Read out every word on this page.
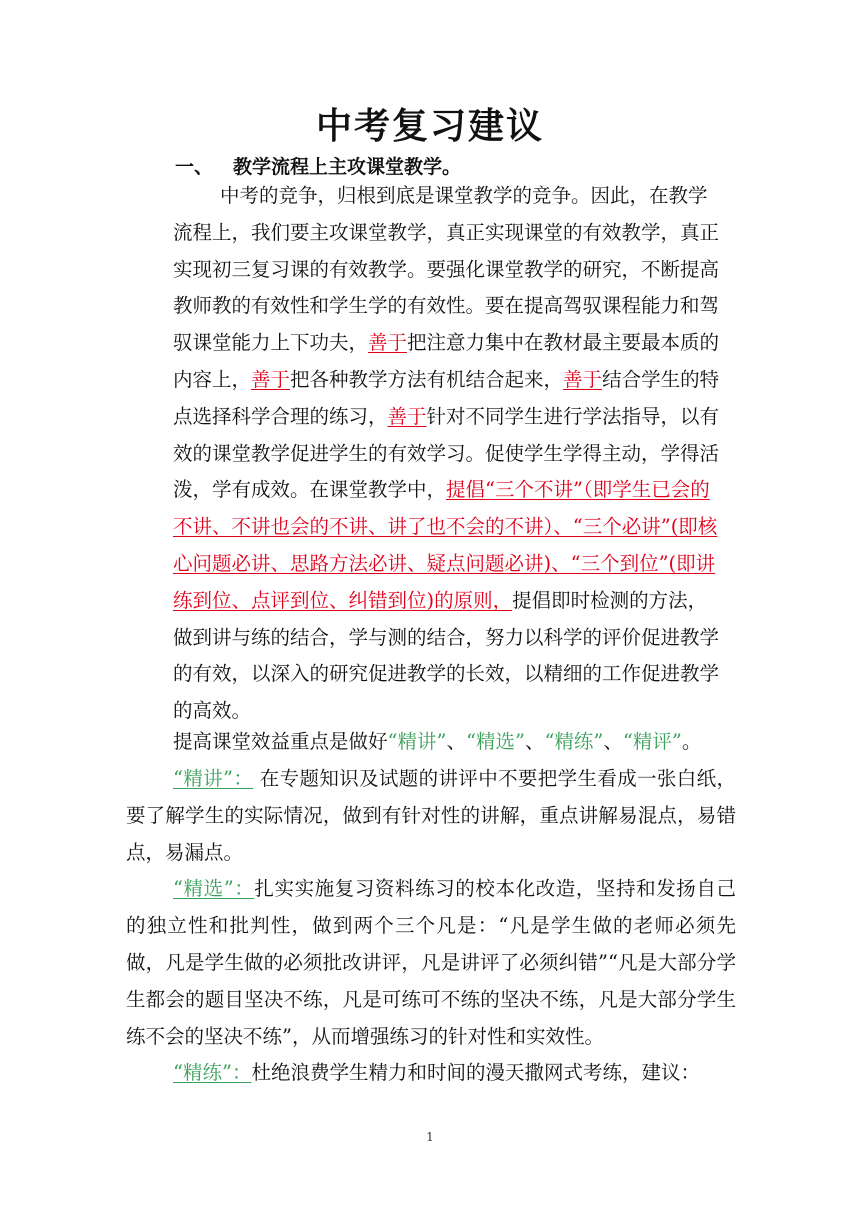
中考复习建议
一、 教学流程上主攻课堂教学。
中考的竞争，归根到底是课堂教学的竞争。因此，在教学
流程上，我们要主攻课堂教学，真正实现课堂的有效教学，真正
实现初三复习课的有效教学。要强化课堂教学的研究，不断提高
教师教的有效性和学生学的有效性。要在提高驾驭课程能力和驾
驭课堂能力上下功夫，善于把注意力集中在教材最主要最本质的
内容上，善于把各种教学方法有机结合起来，善于结合学生的特
点选择科学合理的练习，善于针对不同学生进行学法指导，以有
效的课堂教学促进学生的有效学习。促使学生学得主动，学得活
泼，学有成效。在课堂教学中，提倡“三个不讲”（即学生已会的
不讲、不讲也会的不讲、讲了也不会的不讲）、“三个必讲”(即核
心问题必讲、思路方法必讲、疑点问题必讲)、“三个到位”(即讲
练到位、点评到位、纠错到位)的原则，提倡即时检测的方法，
做到讲与练的结合，学与测的结合，努力以科学的评价促进教学
的有效，以深入的研究促进教学的长效，以精细的工作促进教学
的高效。
提高课堂效益重点是做好“精讲”、“精选”、“精练”、“精评”。
“精讲”： 在专题知识及试题的讲评中不要把学生看成一张白纸，要了解学生的实际情况，做到有针对性的讲解，重点讲解易混点，易错点，易漏点。
“精选”：扎实实施复习资料练习的校本化改造，坚持和发扬自己的独立性和批判性，做到两个三个凡是：“凡是学生做的老师必须先做，凡是学生做的必须批改讲评，凡是讲评了必须纠错”“凡是大部分学生都会的题目坚决不练，凡是可练可不练的坚决不练，凡是大部分学生练不会的坚决不练”，从而增强练习的针对性和实效性。
“精练”：杜绝浪费学生精力和时间的漫天撒网式考练，建议：
1
